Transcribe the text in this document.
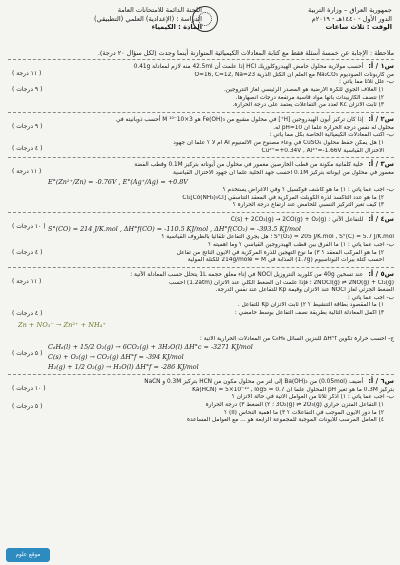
جمهورية العراق – وزارة التربية
الدور الأول - ١٤٤٠هـ - ٢٠١٩م
الوقت : ثلاث ساعات
اللجنة الدائمة للامتحانات العامة
الدراسة : (الإعدادية) العلمي (التطبيقي)
المادة : الكيمياء
ملاحظة : الإجابة عن خمسة أسئلة فقط مع كتابة المعادلات الكيميائية المتوازنة أينما وجدت (لكل سؤال ٢٠ درجة).
س١ / أ: أحسب مولارية محلول حامض الهيدروكلوريك HCl إذا علمت أن 42.5ml منه لازم لمعادلة 0.41g
من كاربونات الصوديوم Na₂CO₃ مع العلم أن الكتل الذرية O=16, C=12, Na=23
ب- علل ثلاثاً مما يأتي :
١) الغلاف الجوي للكرة الأرضية هو المصدر الرئيسي لغاز النتروجين.
٢) تتصف الكاربيدات بأنها مواد قاسية مرتفعة درجات انصهارها.
٣) ثابت الاتزان Kc لعدد من التفاعلات يعتمد على درجة الحرارة.
( ١١ درجة )
( ٩ درجات )
س٢ / أ: إذا كان تركيز أيون الهيدروجين [H⁺] في محلول مشبع من Fe(OH)₃ هو 3×10⁻¹⁰ M أحسب ذوبانيته في
محلول له نفس درجة الحرارة علماً أن pH=10 له.
ب- أكتب المعادلات الكيميائية الخاصة بكل مما يأتي :
١) هل يمكن حفظ محلول CuSO₄ في وعاء مصنوع من الألمنيوم Al أم لا ؟ علماً أن جهود
الاختزال القياسية Cu²⁺=+0.34V , Al³⁺=-1.66V
( ٩ درجات )
( ٤ درجات )
س٣ / أ: خلية كلفانية مكونة من قطب الخارصين مغمور في محلول من أيوناته بتركيز 0.1M وقطب الفضة
مغمور في محلول من أيوناته بتركيز 0.1M أحسب جهد الخلية علماً أن جهود الاختزال القياسية
E°(Zn²⁺/Zn) = -0.76V , E°(Ag⁺/Ag) = +0.8V
ب- أجب عما يأتي : ١) ما هو كاشف فوكسيل ؟ وفي الأغراض يستخدم ؟
٢) ما هو عدد التأكسد لذرة الكوبلت المركزية في المعقد التناسقي [Co(NH₃)₅Cl]Cl₂
٣) كيف تغير التركيز النسبي للحامض عند ارتفاع درجة الحرارة ؟
( ١١ درجة )
س٤ / أ: للتفاعل الآتي : C(s) + 2CO₂(g) → 2CO(g) + O₂(g)
S°(CO) = 214 J/K.mol , ΔH°f(CO) = -110.5 KJ/mol , ΔH°f(CO₂) = -393.5 KJ/mol
S°(O₂) = 205 J/K.mol , S°(C) = 5.7 J/K.mol ؛ هل يجري التفاعل تلقائياً بالظروف القياسية ؟
ب- أجب عما يأتي : ١) ما الفرق بين قطب الهيدروجين القياسي ؟ وما أهميته ؟
٢) ما هو المركب المعقد ؟ ٣) ما نوع التهجين للذرة المركزية في الأيون الناتج من تفاعل
أحسب كتلة بيرات البوتاسيوم (1.7g) المذابة في 214g/mole = M للكتلة المولية
( ١٠ درجات )
( ٤ درجات )
س٥ / أ: عند تسخين 40g من كلوريد النتروزيل NOCl في إناء مغلق حجمه 1L يتحلل حسب المعادلة الآتية :
2NOCl(g) ⇌ 2NO(g) + Cl₂(g) ؛ فإذا علمت أن الضغط الكلي عند الاتزان (1.2atm) أحسب
الضغط الجزئي لغاز NOCl عند الاتزان وقيمة Kp للتفاعل عند نفس الدرجة.
ب- أجب عما يأتي :
١) ما المقصود بطاقة التنشيط ؟ ٢) ثابت الاتزان Kp للتفاعل .
٣) أكمل المعادلة التالية بطريقة نصف التفاعل بوسط حامضي :
Zn + NO₃⁻ → Zn²⁺ + NH₄⁺
ج- أحسب حرارة تكوين ΔH°f للبنزين السائل C₆H₆ من المعادلات الحرارية الآتية :
C₆H₆(l) + 15/2 O₂(g) → 6CO₂(g) + 3H₂O(l) ΔH°c = -3271 KJ/mol
C(s) + O₂(g) → CO₂(g) ΔH°f = -394 KJ/mol
H₂(g) + 1/2 O₂(g) → H₂O(l) ΔH°f = -286 KJ/mol
( ١١ درجة )
( ٤ درجات )
( ٥ درجات )
س٦ / أ: أضيف (0.05mol) من Ba(OH)₂ إلى لتر من محلول مكون من HCN بتركيز 0.3M و NaCN
بتركيز 0.3M ما هو تغير pH المحلول علماً أن Ka(HCN) = 5×10⁻¹⁰ , log5 = 0.7
ب- أجب عما يأتي : ١) أذكر ثلاثاً من العوامل الآتية في حالة الاتزان ؟
١) التفاعل المتزن حراري 3O₂(g) ⇌ 2O₃(g) ؛ ٢) الضغط ٣) درجة الحرارة
٢) ما دور الأيون الموجب في التفاعلات ؟ ٣) ما أهمية النحاس (II) ؟
٤) العامل المرسب للأيونات الموجبة للمجموعة الرابعة هو ... مع العوامل المساعدة
( ١٠ درجات )
( ٥ درجات )
موقع علوم
